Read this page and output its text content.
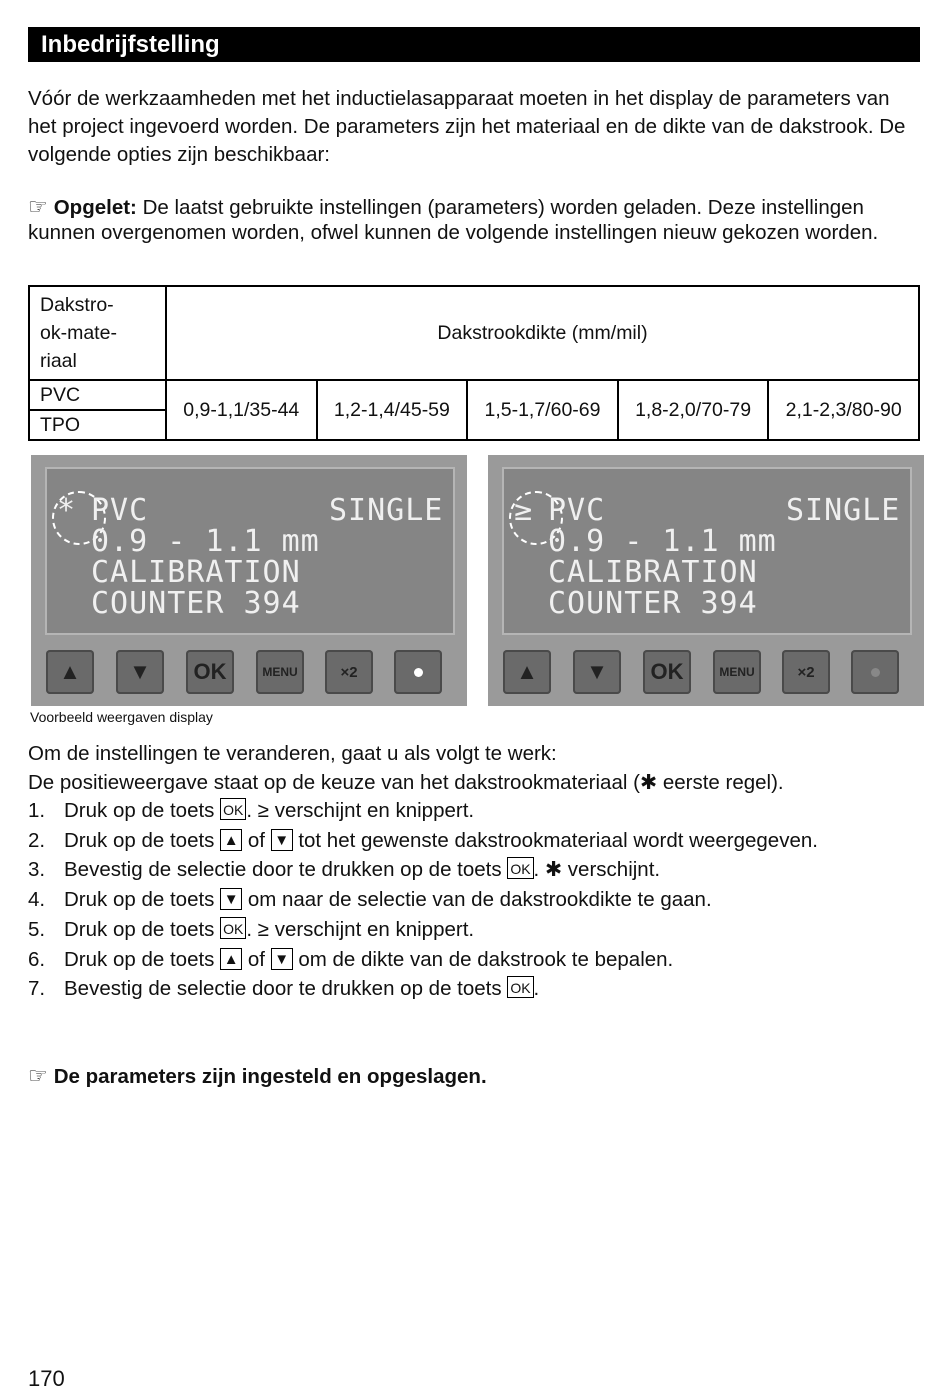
Inbedrijfstelling

Vóór de werkzaamheden met het inductielasapparaat moeten in het display de parameters van het project ingevoerd worden. De parameters zijn het materiaal en de dikte van de dakstrook. De volgende opties zijn beschikbaar:

☞ Opgelet: De laatst gebruikte instellingen (parameters) worden geladen. Deze instellingen kunnen overgenomen worden, ofwel kunnen de volgende instellingen nieuw gekozen worden.

Dakstro-
ok-mate-
riaal	Dakstrookdikte (mm/mil)				
PVC	0,9-1,1/35-44	1,2-1,4/45-59	1,5-1,7/60-69	1,8-2,0/70-79	2,1-2,3/80-90
TPO					
* PVC	SINGLE
0.9 - 1.1 mm
CALIBRATION
COUNTER 394
▲	▼	OK	MENU	×2
≥ PVC	SINGLE
0.9 - 1.1 mm
CALIBRATION
COUNTER 394
▲	▼	OK	MENU	×2
Voorbeeld weergaven display

Om de instellingen te veranderen, gaat u als volgt te werk:
De positieweergave staat op de keuze van het dakstrookmateriaal (✱ eerste regel).

1. Druk op de toets OK . ≥ verschijnt en knippert.
2. Druk op de toets ▲ of ▼ tot het gewenste dakstrookmateriaal wordt weergegeven.
3. Bevestig de selectie door te drukken op de toets OK . ✱ verschijnt.
4. Druk op de toets ▼ om naar de selectie van de dakstrookdikte te gaan.
5. Druk op de toets OK . ≥ verschijnt en knippert.
6. Druk op de toets ▲ of ▼ om de dikte van de dakstrook te bepalen.
7. Bevestig de selectie door te drukken op de toets OK .

☞ De parameters zijn ingesteld en opgeslagen.

170
